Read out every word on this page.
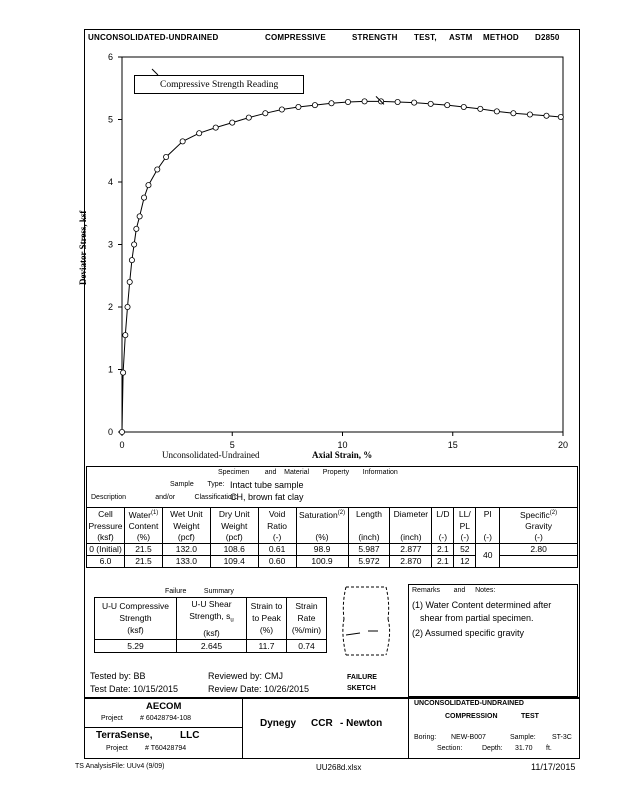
UNCONSOLIDATED-UNDRAINED	COMPRESSIVE	STRENGTH TEST, ASTM METHOD D2850
0
1
2
3
4
5
6
0	5	10	15	20
Deviator Stress, ksf
Unconsolidated-Undrained	Axial Strain, %
Compressive Strength Reading
Specimen and Material Property Information
Sample Type: Intact tube sample
Description	and/or	Classification:
CH, brown fat clay
Cell	Water$^{(1)}$	Wet Unit	Dry Unit	Void	Saturation$^{(2)}$	Length	Diameter	L/D	LL/	PI	Specific$^{(2)}$
Pressure	Content	Weight	Weight	Ratio					PL		Gravity
(ksf)	(%)	(pcf)	(pcf)	(-)	(%)	(inch)	(inch)	(-)	(-)	(-)	(-)
0 (Initial)	21.5	132.0	108.6	0.61	98.9	5.987	2.877	2.1	52	40	2.80
6.0	21.5	133.0	109.4	0.60	100.9	5.972	2.870	2.1	12		
Failure	Summary
U-U Compressive
Strength
(ksf)	U-U Shear
Strength, $s_u$
(ksf)	Strain to
to Peak
(%)	Strain
Rate
(%/min)
5.29	2.645	11.7	0.74
FAILURE
SKETCH
Remarks and Notes:
(1) Water Content determined after
shear from partial specimen.
(2) Assumed specific gravity
Tested by: BB
Test Date: 10/15/2015
Reviewed by: CMJ
Review Date: 10/26/2015
AECOM
Project # 60428794-108
TerraSense,	LLC
Project # T60428794
Dynegy CCR - Newton
UNCONSOLIDATED-UNDRAINED
COMPRESSION	TEST
Boring: NEW-B007	Sample: ST-3C
Section:	Depth: 31.70 ft.
TS AnalysisFile: UUv4 (9/09)	UU268d.xlsx	11/17/2015
